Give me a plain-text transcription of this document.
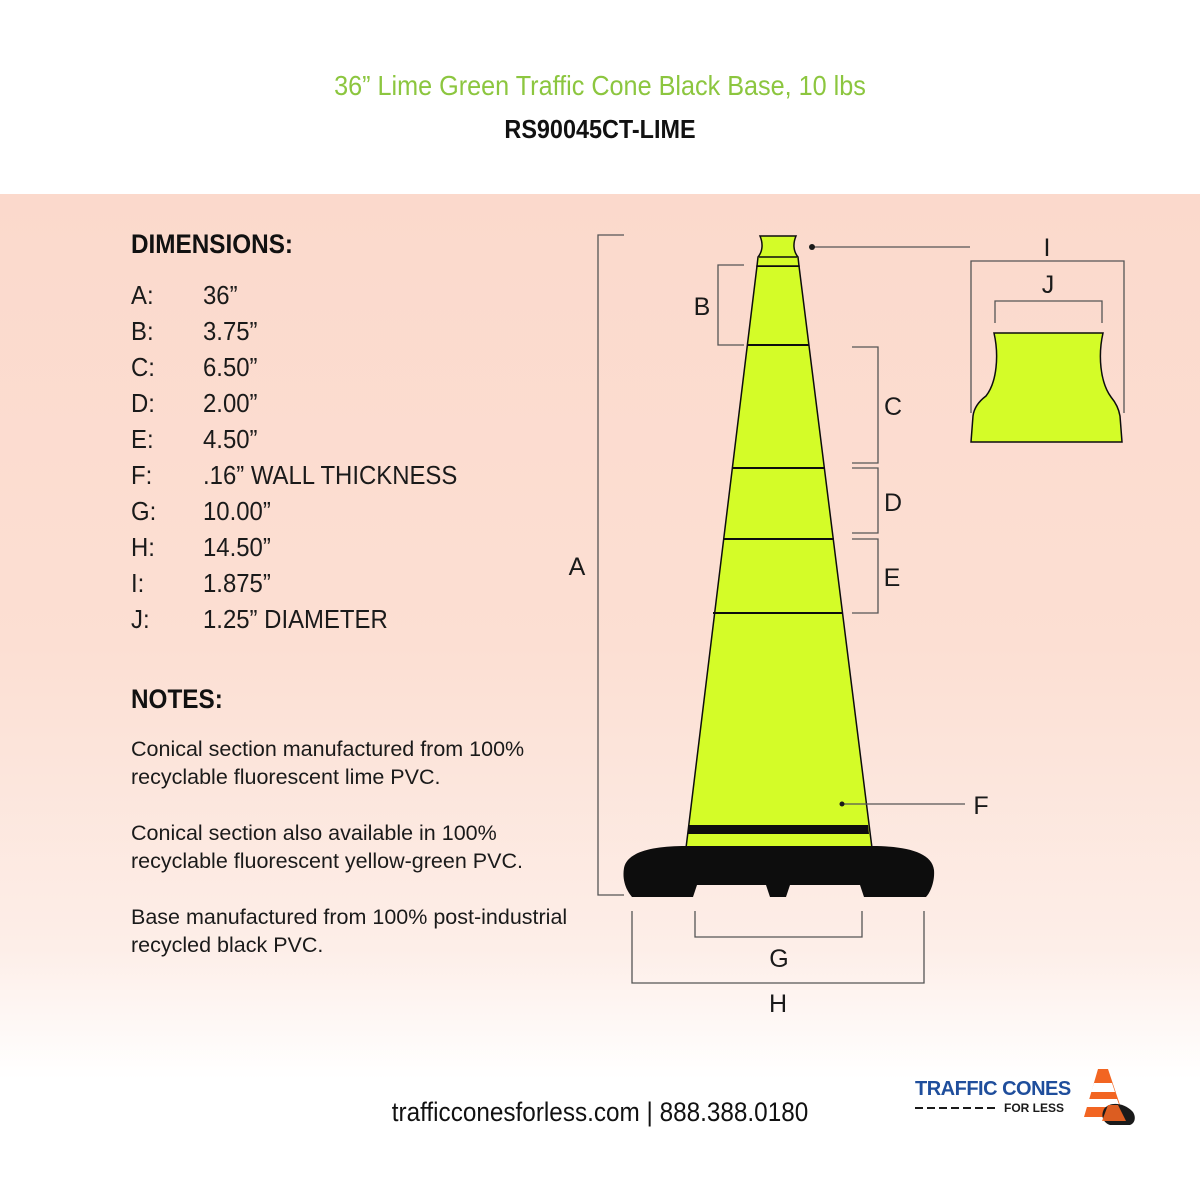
36” Lime Green Traffic Cone Black Base, 10 lbs
RS90045CT-LIME
DIMENSIONS:
A:	36”
B:	3.75”
C:	6.50”
D:	2.00”
E:	4.50”
F:	.16” WALL THICKNESS
G:	10.00”
H:	14.50”
I:	1.875”
J:	1.25” DIAMETER
NOTES:
Conical section manufactured from 100% recyclable fluorescent lime PVC.
Conical section also available in 100% recyclable fluorescent yellow-green PVC.
Base manufactured from 100% post-industrial recycled black PVC.
A
B
C
D
E
F
G
H
I
J
trafficconesforless.com | 888.388.0180
TRAFFIC CONES
FOR LESS
